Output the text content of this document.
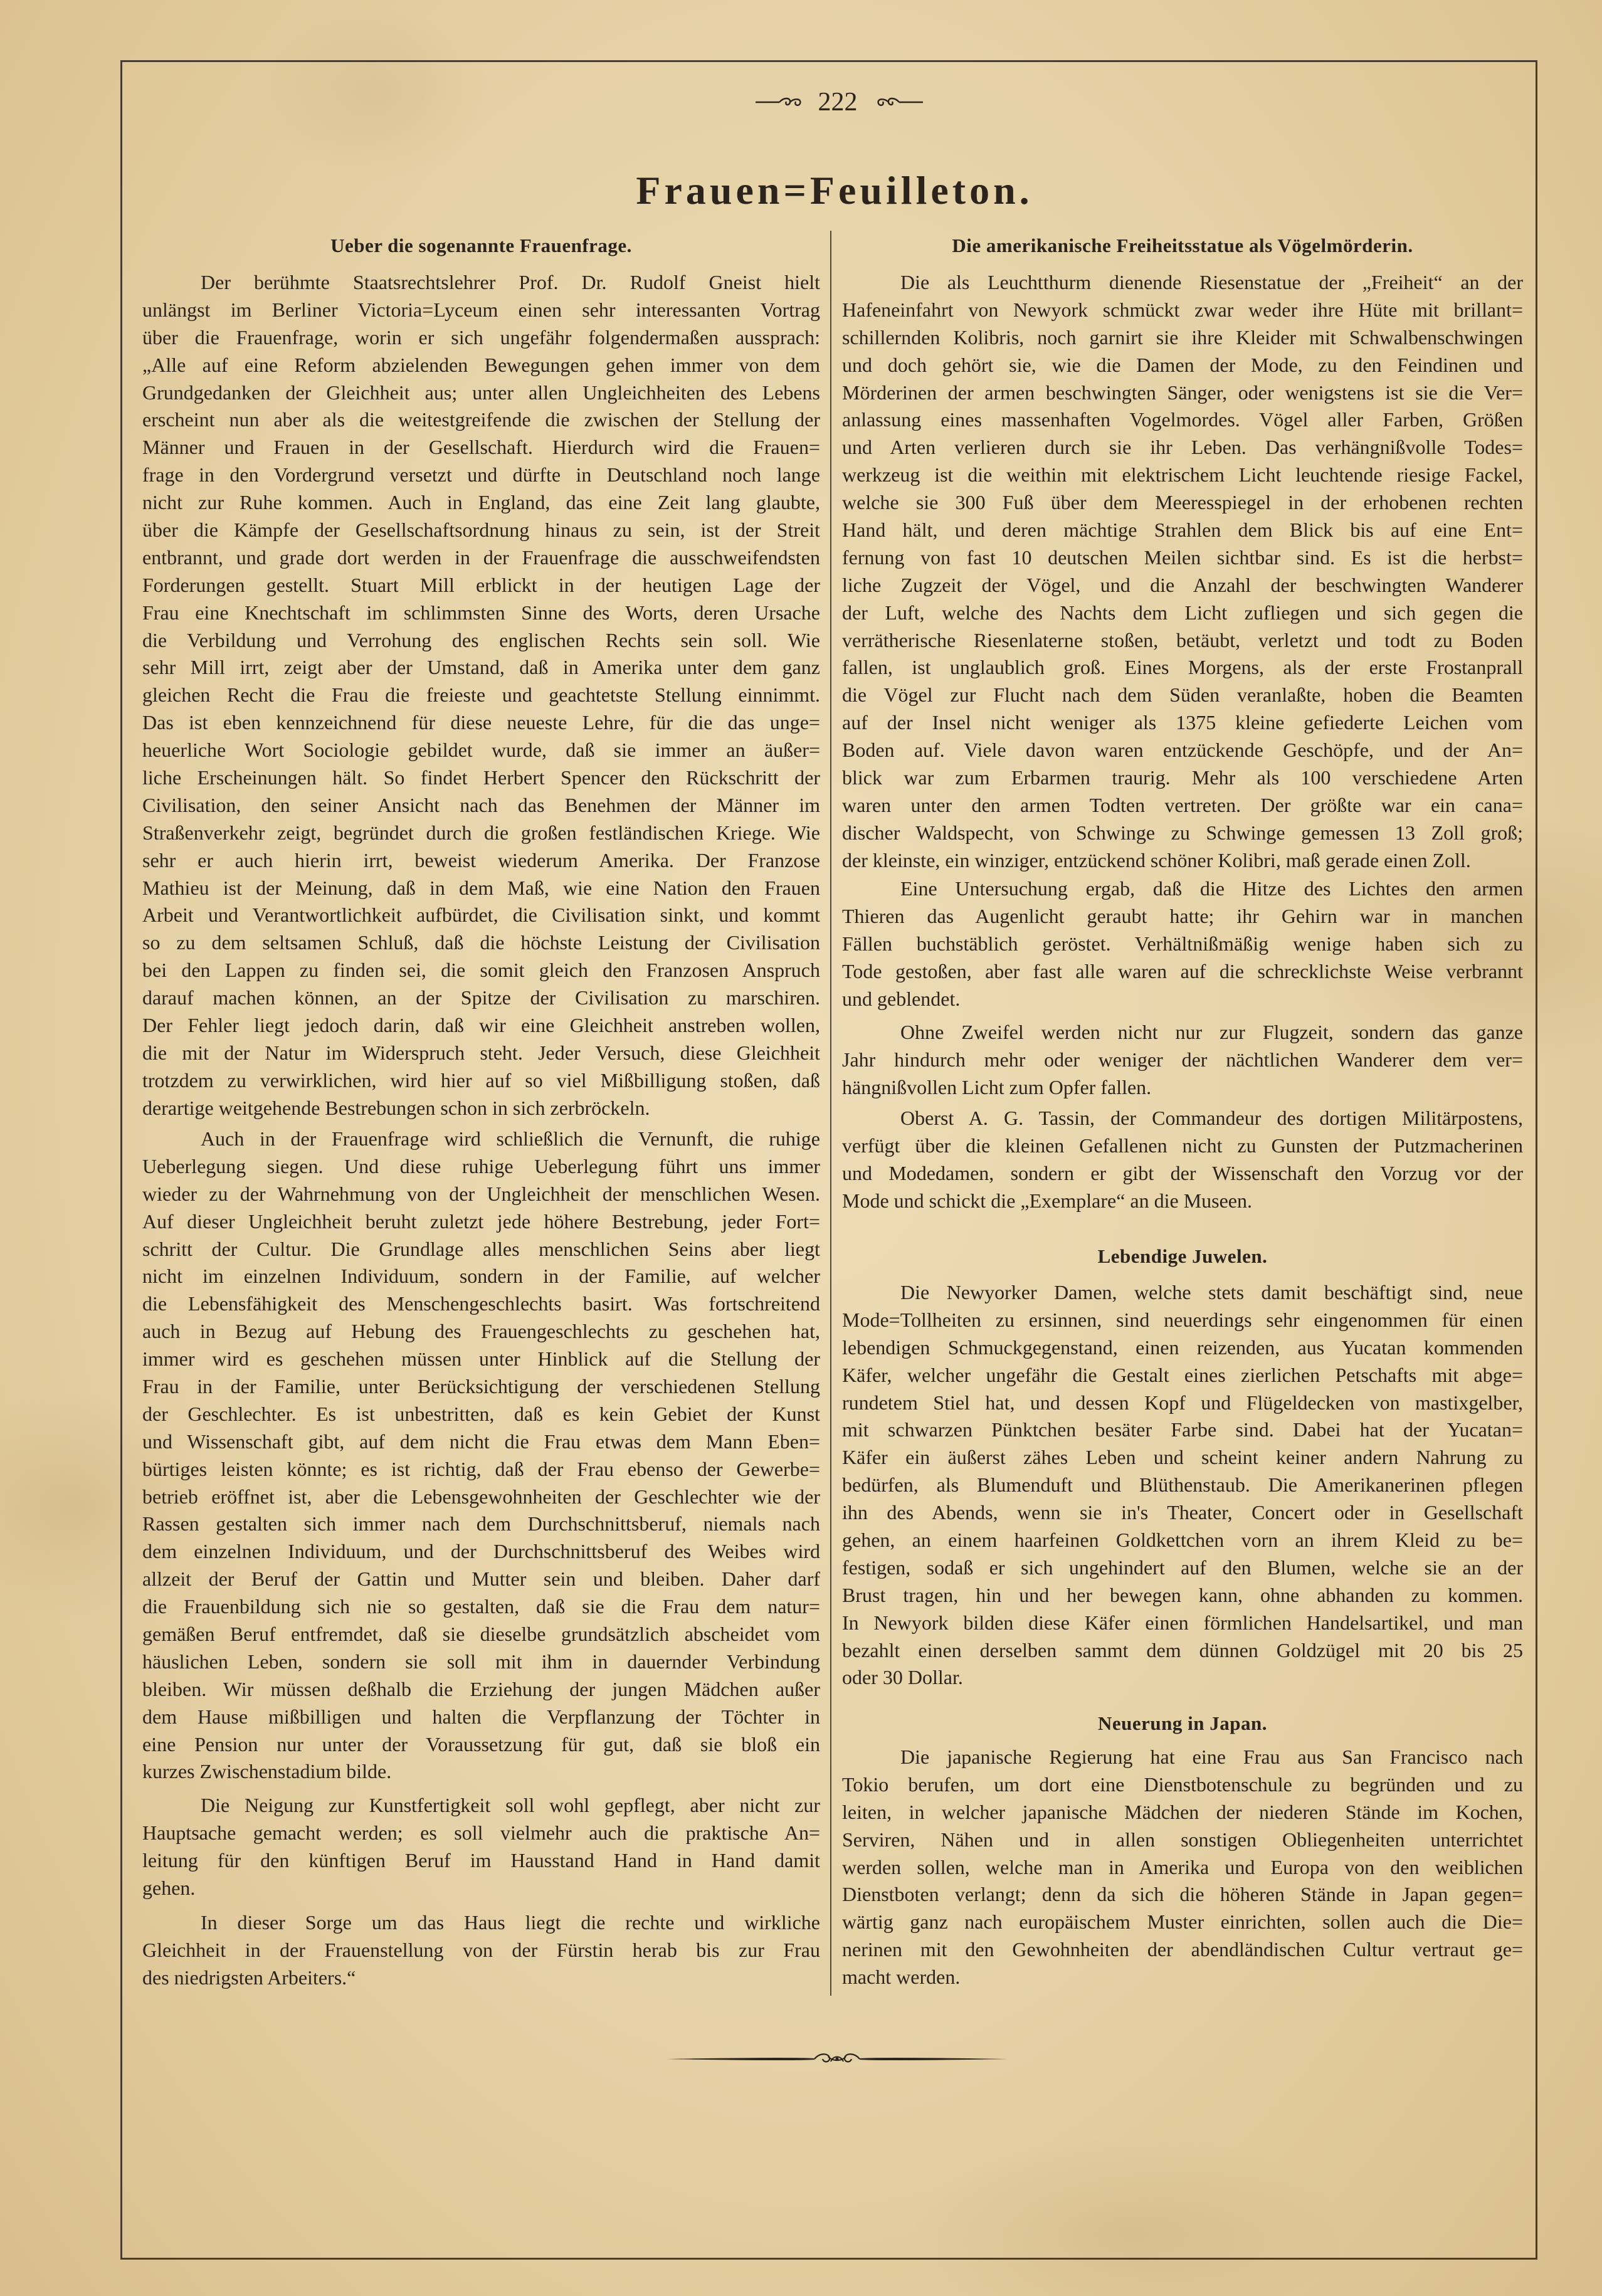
222
Frauen=Feuilleton.
Ueber die sogenannte Frauenfrage.
Der berühmte Staatsrechtslehrer Prof. Dr. Rudolf Gneist hielt
unlängst im Berliner Victoria=Lyceum einen sehr interessanten Vortrag
über die Frauenfrage, worin er sich ungefähr folgendermaßen aussprach:
„Alle auf eine Reform abzielenden Bewegungen gehen immer von dem
Grundgedanken der Gleichheit aus; unter allen Ungleichheiten des Lebens
erscheint nun aber als die weitestgreifende die zwischen der Stellung der
Männer und Frauen in der Gesellschaft. Hierdurch wird die Frauen=
frage in den Vordergrund versetzt und dürfte in Deutschland noch lange
nicht zur Ruhe kommen. Auch in England, das eine Zeit lang glaubte,
über die Kämpfe der Gesellschaftsordnung hinaus zu sein, ist der Streit
entbrannt, und grade dort werden in der Frauenfrage die ausschweifendsten
Forderungen gestellt. Stuart Mill erblickt in der heutigen Lage der
Frau eine Knechtschaft im schlimmsten Sinne des Worts, deren Ursache
die Verbildung und Verrohung des englischen Rechts sein soll. Wie
sehr Mill irrt, zeigt aber der Umstand, daß in Amerika unter dem ganz
gleichen Recht die Frau die freieste und geachtetste Stellung einnimmt.
Das ist eben kennzeichnend für diese neueste Lehre, für die das unge=
heuerliche Wort Sociologie gebildet wurde, daß sie immer an äußer=
liche Erscheinungen hält. So findet Herbert Spencer den Rückschritt der
Civilisation, den seiner Ansicht nach das Benehmen der Männer im
Straßenverkehr zeigt, begründet durch die großen festländischen Kriege. Wie
sehr er auch hierin irrt, beweist wiederum Amerika. Der Franzose
Mathieu ist der Meinung, daß in dem Maß, wie eine Nation den Frauen
Arbeit und Verantwortlichkeit aufbürdet, die Civilisation sinkt, und kommt
so zu dem seltsamen Schluß, daß die höchste Leistung der Civilisation
bei den Lappen zu finden sei, die somit gleich den Franzosen Anspruch
darauf machen können, an der Spitze der Civilisation zu marschiren.
Der Fehler liegt jedoch darin, daß wir eine Gleichheit anstreben wollen,
die mit der Natur im Widerspruch steht. Jeder Versuch, diese Gleichheit
trotzdem zu verwirklichen, wird hier auf so viel Mißbilligung stoßen, daß
derartige weitgehende Bestrebungen schon in sich zerbröckeln.
Auch in der Frauenfrage wird schließlich die Vernunft, die ruhige
Ueberlegung siegen. Und diese ruhige Ueberlegung führt uns immer
wieder zu der Wahrnehmung von der Ungleichheit der menschlichen Wesen.
Auf dieser Ungleichheit beruht zuletzt jede höhere Bestrebung, jeder Fort=
schritt der Cultur. Die Grundlage alles menschlichen Seins aber liegt
nicht im einzelnen Individuum, sondern in der Familie, auf welcher
die Lebensfähigkeit des Menschengeschlechts basirt. Was fortschreitend
auch in Bezug auf Hebung des Frauengeschlechts zu geschehen hat,
immer wird es geschehen müssen unter Hinblick auf die Stellung der
Frau in der Familie, unter Berücksichtigung der verschiedenen Stellung
der Geschlechter. Es ist unbestritten, daß es kein Gebiet der Kunst
und Wissenschaft gibt, auf dem nicht die Frau etwas dem Mann Eben=
bürtiges leisten könnte; es ist richtig, daß der Frau ebenso der Gewerbe=
betrieb eröffnet ist, aber die Lebensgewohnheiten der Geschlechter wie der
Rassen gestalten sich immer nach dem Durchschnittsberuf, niemals nach
dem einzelnen Individuum, und der Durchschnittsberuf des Weibes wird
allzeit der Beruf der Gattin und Mutter sein und bleiben. Daher darf
die Frauenbildung sich nie so gestalten, daß sie die Frau dem natur=
gemäßen Beruf entfremdet, daß sie dieselbe grundsätzlich abscheidet vom
häuslichen Leben, sondern sie soll mit ihm in dauernder Verbindung
bleiben. Wir müssen deßhalb die Erziehung der jungen Mädchen außer
dem Hause mißbilligen und halten die Verpflanzung der Töchter in
eine Pension nur unter der Voraussetzung für gut, daß sie bloß ein
kurzes Zwischenstadium bilde.
Die Neigung zur Kunstfertigkeit soll wohl gepflegt, aber nicht zur
Hauptsache gemacht werden; es soll vielmehr auch die praktische An=
leitung für den künftigen Beruf im Hausstand Hand in Hand damit
gehen.
In dieser Sorge um das Haus liegt die rechte und wirkliche
Gleichheit in der Frauenstellung von der Fürstin herab bis zur Frau
des niedrigsten Arbeiters.“
Die amerikanische Freiheitsstatue als Vögelmörderin.
Die als Leuchtthurm dienende Riesenstatue der „Freiheit“ an der
Hafeneinfahrt von Newyork schmückt zwar weder ihre Hüte mit brillant=
schillernden Kolibris, noch garnirt sie ihre Kleider mit Schwalbenschwingen
und doch gehört sie, wie die Damen der Mode, zu den Feindinen und
Mörderinen der armen beschwingten Sänger, oder wenigstens ist sie die Ver=
anlassung eines massenhaften Vogelmordes. Vögel aller Farben, Größen
und Arten verlieren durch sie ihr Leben. Das verhängnißvolle Todes=
werkzeug ist die weithin mit elektrischem Licht leuchtende riesige Fackel,
welche sie 300 Fuß über dem Meeresspiegel in der erhobenen rechten
Hand hält, und deren mächtige Strahlen dem Blick bis auf eine Ent=
fernung von fast 10 deutschen Meilen sichtbar sind. Es ist die herbst=
liche Zugzeit der Vögel, und die Anzahl der beschwingten Wanderer
der Luft, welche des Nachts dem Licht zufliegen und sich gegen die
verrätherische Riesenlaterne stoßen, betäubt, verletzt und todt zu Boden
fallen, ist unglaublich groß. Eines Morgens, als der erste Frostanprall
die Vögel zur Flucht nach dem Süden veranlaßte, hoben die Beamten
auf der Insel nicht weniger als 1375 kleine gefiederte Leichen vom
Boden auf. Viele davon waren entzückende Geschöpfe, und der An=
blick war zum Erbarmen traurig. Mehr als 100 verschiedene Arten
waren unter den armen Todten vertreten. Der größte war ein cana=
discher Waldspecht, von Schwinge zu Schwinge gemessen 13 Zoll groß;
der kleinste, ein winziger, entzückend schöner Kolibri, maß gerade einen Zoll.
Eine Untersuchung ergab, daß die Hitze des Lichtes den armen
Thieren das Augenlicht geraubt hatte; ihr Gehirn war in manchen
Fällen buchstäblich geröstet. Verhältnißmäßig wenige haben sich zu
Tode gestoßen, aber fast alle waren auf die schrecklichste Weise verbrannt
und geblendet.
Ohne Zweifel werden nicht nur zur Flugzeit, sondern das ganze
Jahr hindurch mehr oder weniger der nächtlichen Wanderer dem ver=
hängnißvollen Licht zum Opfer fallen.
Oberst A. G. Tassin, der Commandeur des dortigen Militärpostens,
verfügt über die kleinen Gefallenen nicht zu Gunsten der Putzmacherinen
und Modedamen, sondern er gibt der Wissenschaft den Vorzug vor der
Mode und schickt die „Exemplare“ an die Museen.
Lebendige Juwelen.
Die Newyorker Damen, welche stets damit beschäftigt sind, neue
Mode=Tollheiten zu ersinnen, sind neuerdings sehr eingenommen für einen
lebendigen Schmuckgegenstand, einen reizenden, aus Yucatan kommenden
Käfer, welcher ungefähr die Gestalt eines zierlichen Petschafts mit abge=
rundetem Stiel hat, und dessen Kopf und Flügeldecken von mastixgelber,
mit schwarzen Pünktchen besäter Farbe sind. Dabei hat der Yucatan=
Käfer ein äußerst zähes Leben und scheint keiner andern Nahrung zu
bedürfen, als Blumenduft und Blüthenstaub. Die Amerikanerinen pflegen
ihn des Abends, wenn sie in's Theater, Concert oder in Gesellschaft
gehen, an einem haarfeinen Goldkettchen vorn an ihrem Kleid zu be=
festigen, sodaß er sich ungehindert auf den Blumen, welche sie an der
Brust tragen, hin und her bewegen kann, ohne abhanden zu kommen.
In Newyork bilden diese Käfer einen förmlichen Handelsartikel, und man
bezahlt einen derselben sammt dem dünnen Goldzügel mit 20 bis 25
oder 30 Dollar.
Neuerung in Japan.
Die japanische Regierung hat eine Frau aus San Francisco nach
Tokio berufen, um dort eine Dienstbotenschule zu begründen und zu
leiten, in welcher japanische Mädchen der niederen Stände im Kochen,
Serviren, Nähen und in allen sonstigen Obliegenheiten unterrichtet
werden sollen, welche man in Amerika und Europa von den weiblichen
Dienstboten verlangt; denn da sich die höheren Stände in Japan gegen=
wärtig ganz nach europäischem Muster einrichten, sollen auch die Die=
nerinen mit den Gewohnheiten der abendländischen Cultur vertraut ge=
macht werden.
